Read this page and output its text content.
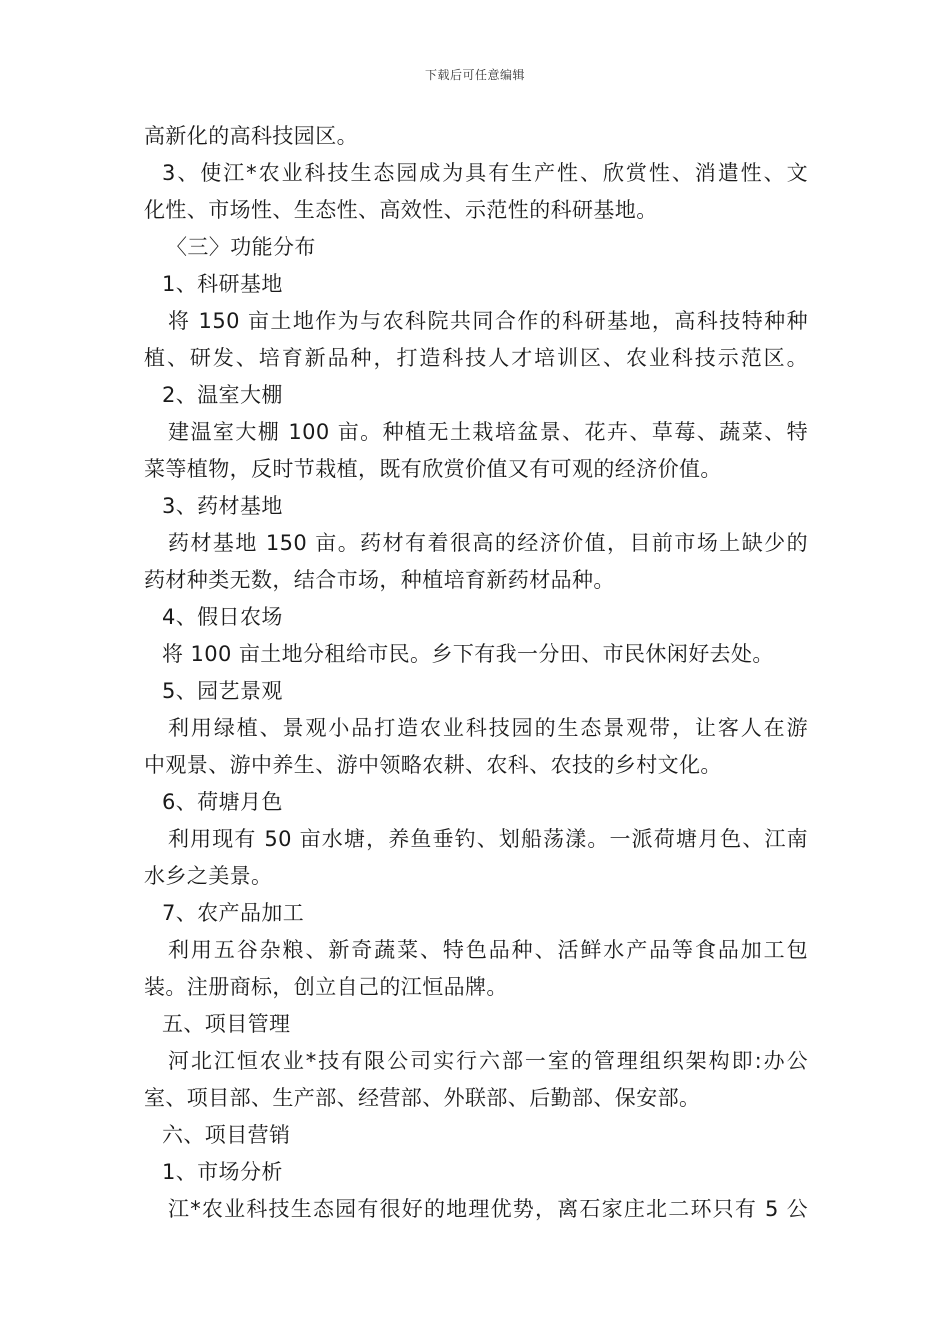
下载后可任意编辑
高新化的高科技园区。
3、使江*农业科技生态园成为具有生产性、欣赏性、消遣性、文
化性、市场性、生态性、高效性、示范性的科研基地。
〈三〉功能分布
1、科研基地
将 150 亩土地作为与农科院共同合作的科研基地，高科技特种种
植、研发、培育新品种，打造科技人才培训区、农业科技示范区。
2、温室大棚
建温室大棚 100 亩。种植无土栽培盆景、花卉、草莓、蔬菜、特
菜等植物，反时节栽植，既有欣赏价值又有可观的经济价值。
3、药材基地
药材基地 150 亩。药材有着很高的经济价值，目前市场上缺少的
药材种类无数，结合市场，种植培育新药材品种。
4、假日农场
将 100 亩土地分租给市民。乡下有我一分田、市民休闲好去处。
5、园艺景观
利用绿植、景观小品打造农业科技园的生态景观带，让客人在游
中观景、游中养生、游中领略农耕、农科、农技的乡村文化。
6、荷塘月色
利用现有 50 亩水塘，养鱼垂钓、划船荡漾。一派荷塘月色、江南
水乡之美景。
7、农产品加工
利用五谷杂粮、新奇蔬菜、特色品种、活鲜水产品等食品加工包
装。注册商标，创立自己的江恒品牌。
五、项目管理
河北江恒农业*技有限公司实行六部一室的管理组织架构即:办公
室、项目部、生产部、经营部、外联部、后勤部、保安部。
六、项目营销
1、市场分析
江*农业科技生态园有很好的地理优势，离石家庄北二环只有 5 公
